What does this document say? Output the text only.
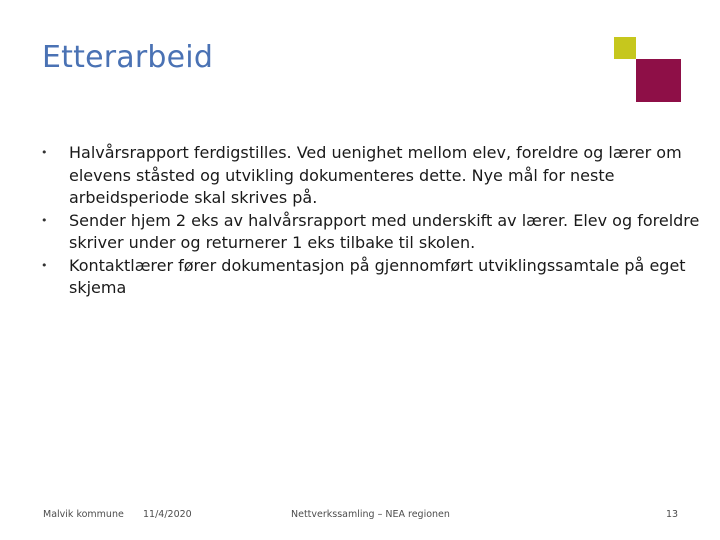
Etterarbeid
• Halvårsrapport ferdigstilles. Ved uenighet mellom elev, foreldre og lærer om elevens ståsted og utvikling dokumenteres dette. Nye mål for neste arbeidsperiode skal skrives på.
• Sender hjem 2 eks av halvårsrapport med underskift av lærer. Elev og foreldre skriver under og returnerer 1 eks tilbake til skolen.
• Kontaktlærer fører dokumentasjon på gjennomført utviklingssamtale på eget skjema
Malvik kommune 11/4/2020	Nettverkssamling – NEA regionen	13
